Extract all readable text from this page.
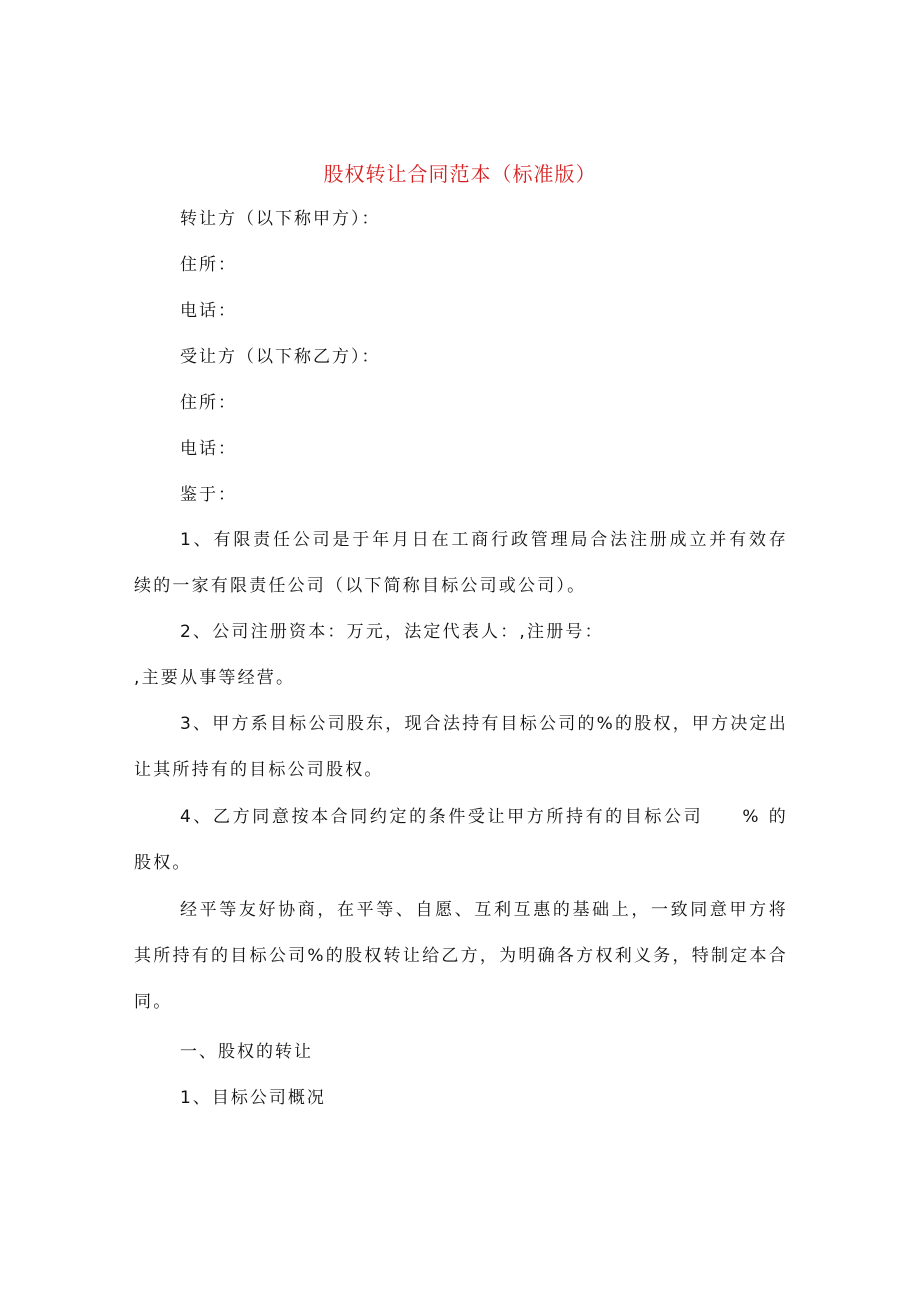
股权转让合同范本（标准版）
转让方（以下称甲方）：
住所：
电话：
受让方（以下称乙方）：
住所：
电话：
鉴于：
1、有限责任公司是于年月日在工商行政管理局合法注册成立并有效存续的一家有限责任公司（以下简称目标公司或公司）。
2、公司注册资本：万元，法定代表人：,注册号：
,主要从事等经营。
3、甲方系目标公司股东，现合法持有目标公司的%的股权，甲方决定出让其所持有的目标公司股权。
4、乙方同意按本合同约定的条件受让甲方所持有的目标公司　　% 的股权。
经平等友好协商，在平等、自愿、互利互惠的基础上，一致同意甲方将其所持有的目标公司%的股权转让给乙方，为明确各方权利义务，特制定本合同。
一、股权的转让
1、目标公司概况
